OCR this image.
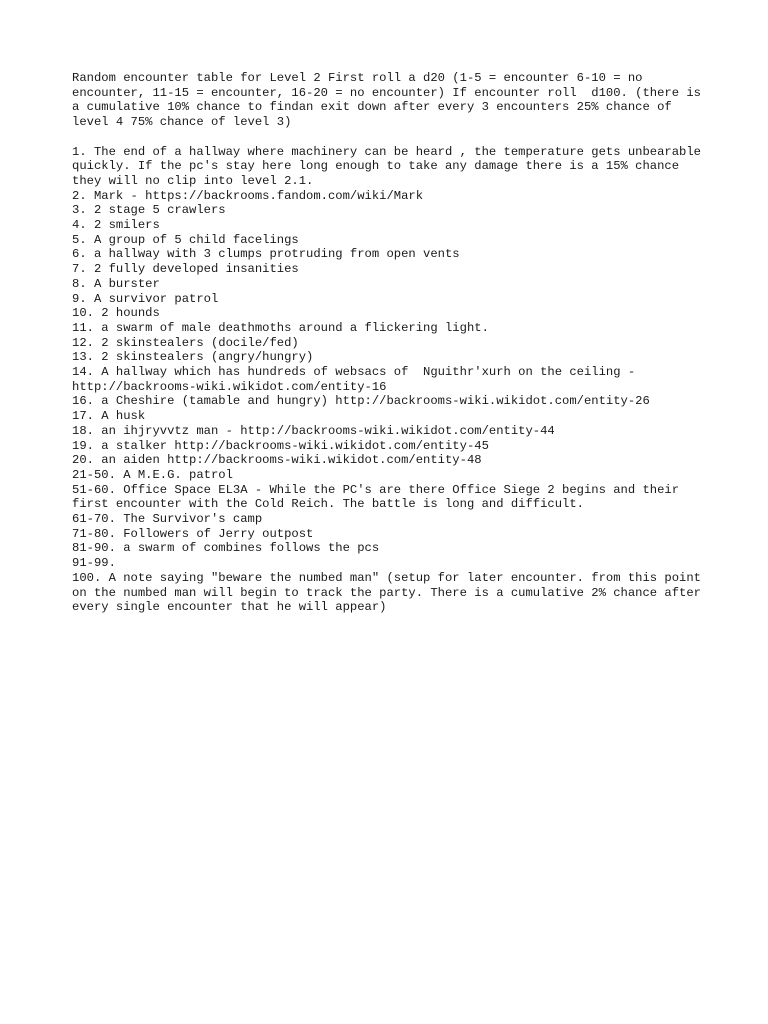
Random encounter table for Level 2 First roll a d20 (1-5 = encounter 6-10 = no encounter, 11-15 = encounter, 16-20 = no encounter) If encounter roll  d100. (there is a cumulative 10% chance to findan exit down after every 3 encounters 25% chance of level 4 75% chance of level 3)

1. The end of a hallway where machinery can be heard , the temperature gets unbearable quickly. If the pc's stay here long enough to take any damage there is a 15% chance they will no clip into level 2.1.
2. Mark - https://backrooms.fandom.com/wiki/Mark
3. 2 stage 5 crawlers
4. 2 smilers
5. A group of 5 child facelings
6. a hallway with 3 clumps protruding from open vents
7. 2 fully developed insanities
8. A burster
9. A survivor patrol
10. 2 hounds
11. a swarm of male deathmoths around a flickering light.
12. 2 skinstealers (docile/fed)
13. 2 skinstealers (angry/hungry)
14. A hallway which has hundreds of websacs of  Nguithr'xurh on the ceiling - http://backrooms-wiki.wikidot.com/entity-16
16. a Cheshire (tamable and hungry) http://backrooms-wiki.wikidot.com/entity-26
17. A husk
18. an ihjryvvtz man - http://backrooms-wiki.wikidot.com/entity-44
19. a stalker http://backrooms-wiki.wikidot.com/entity-45
20. an aiden http://backrooms-wiki.wikidot.com/entity-48
21-50. A M.E.G. patrol
51-60. Office Space EL3A - While the PC's are there Office Siege 2 begins and their first encounter with the Cold Reich. The battle is long and difficult.
61-70. The Survivor's camp
71-80. Followers of Jerry outpost
81-90. a swarm of combines follows the pcs
91-99.
100. A note saying "beware the numbed man" (setup for later encounter. from this point on the numbed man will begin to track the party. There is a cumulative 2% chance after every single encounter that he will appear)
